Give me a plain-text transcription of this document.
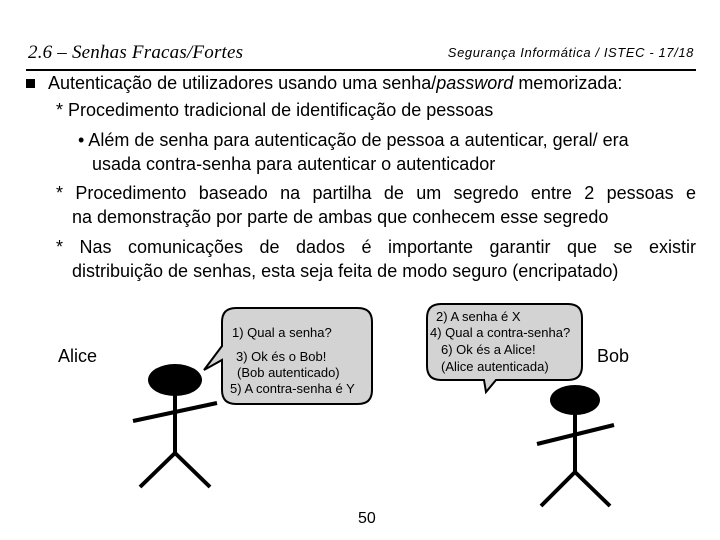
2.6 – Senhas Fracas/Fortes	Segurança Informática / ISTEC - 17/18
Autenticação de utilizadores usando uma senha/password memorizada:
* Procedimento tradicional de identificação de pessoas
• Além de senha para autenticação de pessoa a autenticar, geral/ era
usada contra-senha para autenticar o autenticador
* Procedimento baseado na partilha de um segredo entre 2 pessoas e
na demonstração por parte de ambas que conhecem esse segredo
* Nas comunicações de dados é importante garantir que se existir
distribuição de senhas, esta seja feita de modo seguro (encripatado)
1) Qual a senha?
3) Ok és o Bob!
(Bob autenticado)
5) A contra-senha é Y
2) A senha é X
4) Qual a contra-senha?
6) Ok és a Alice!
(Alice autenticada)
Alice	Bob
50
